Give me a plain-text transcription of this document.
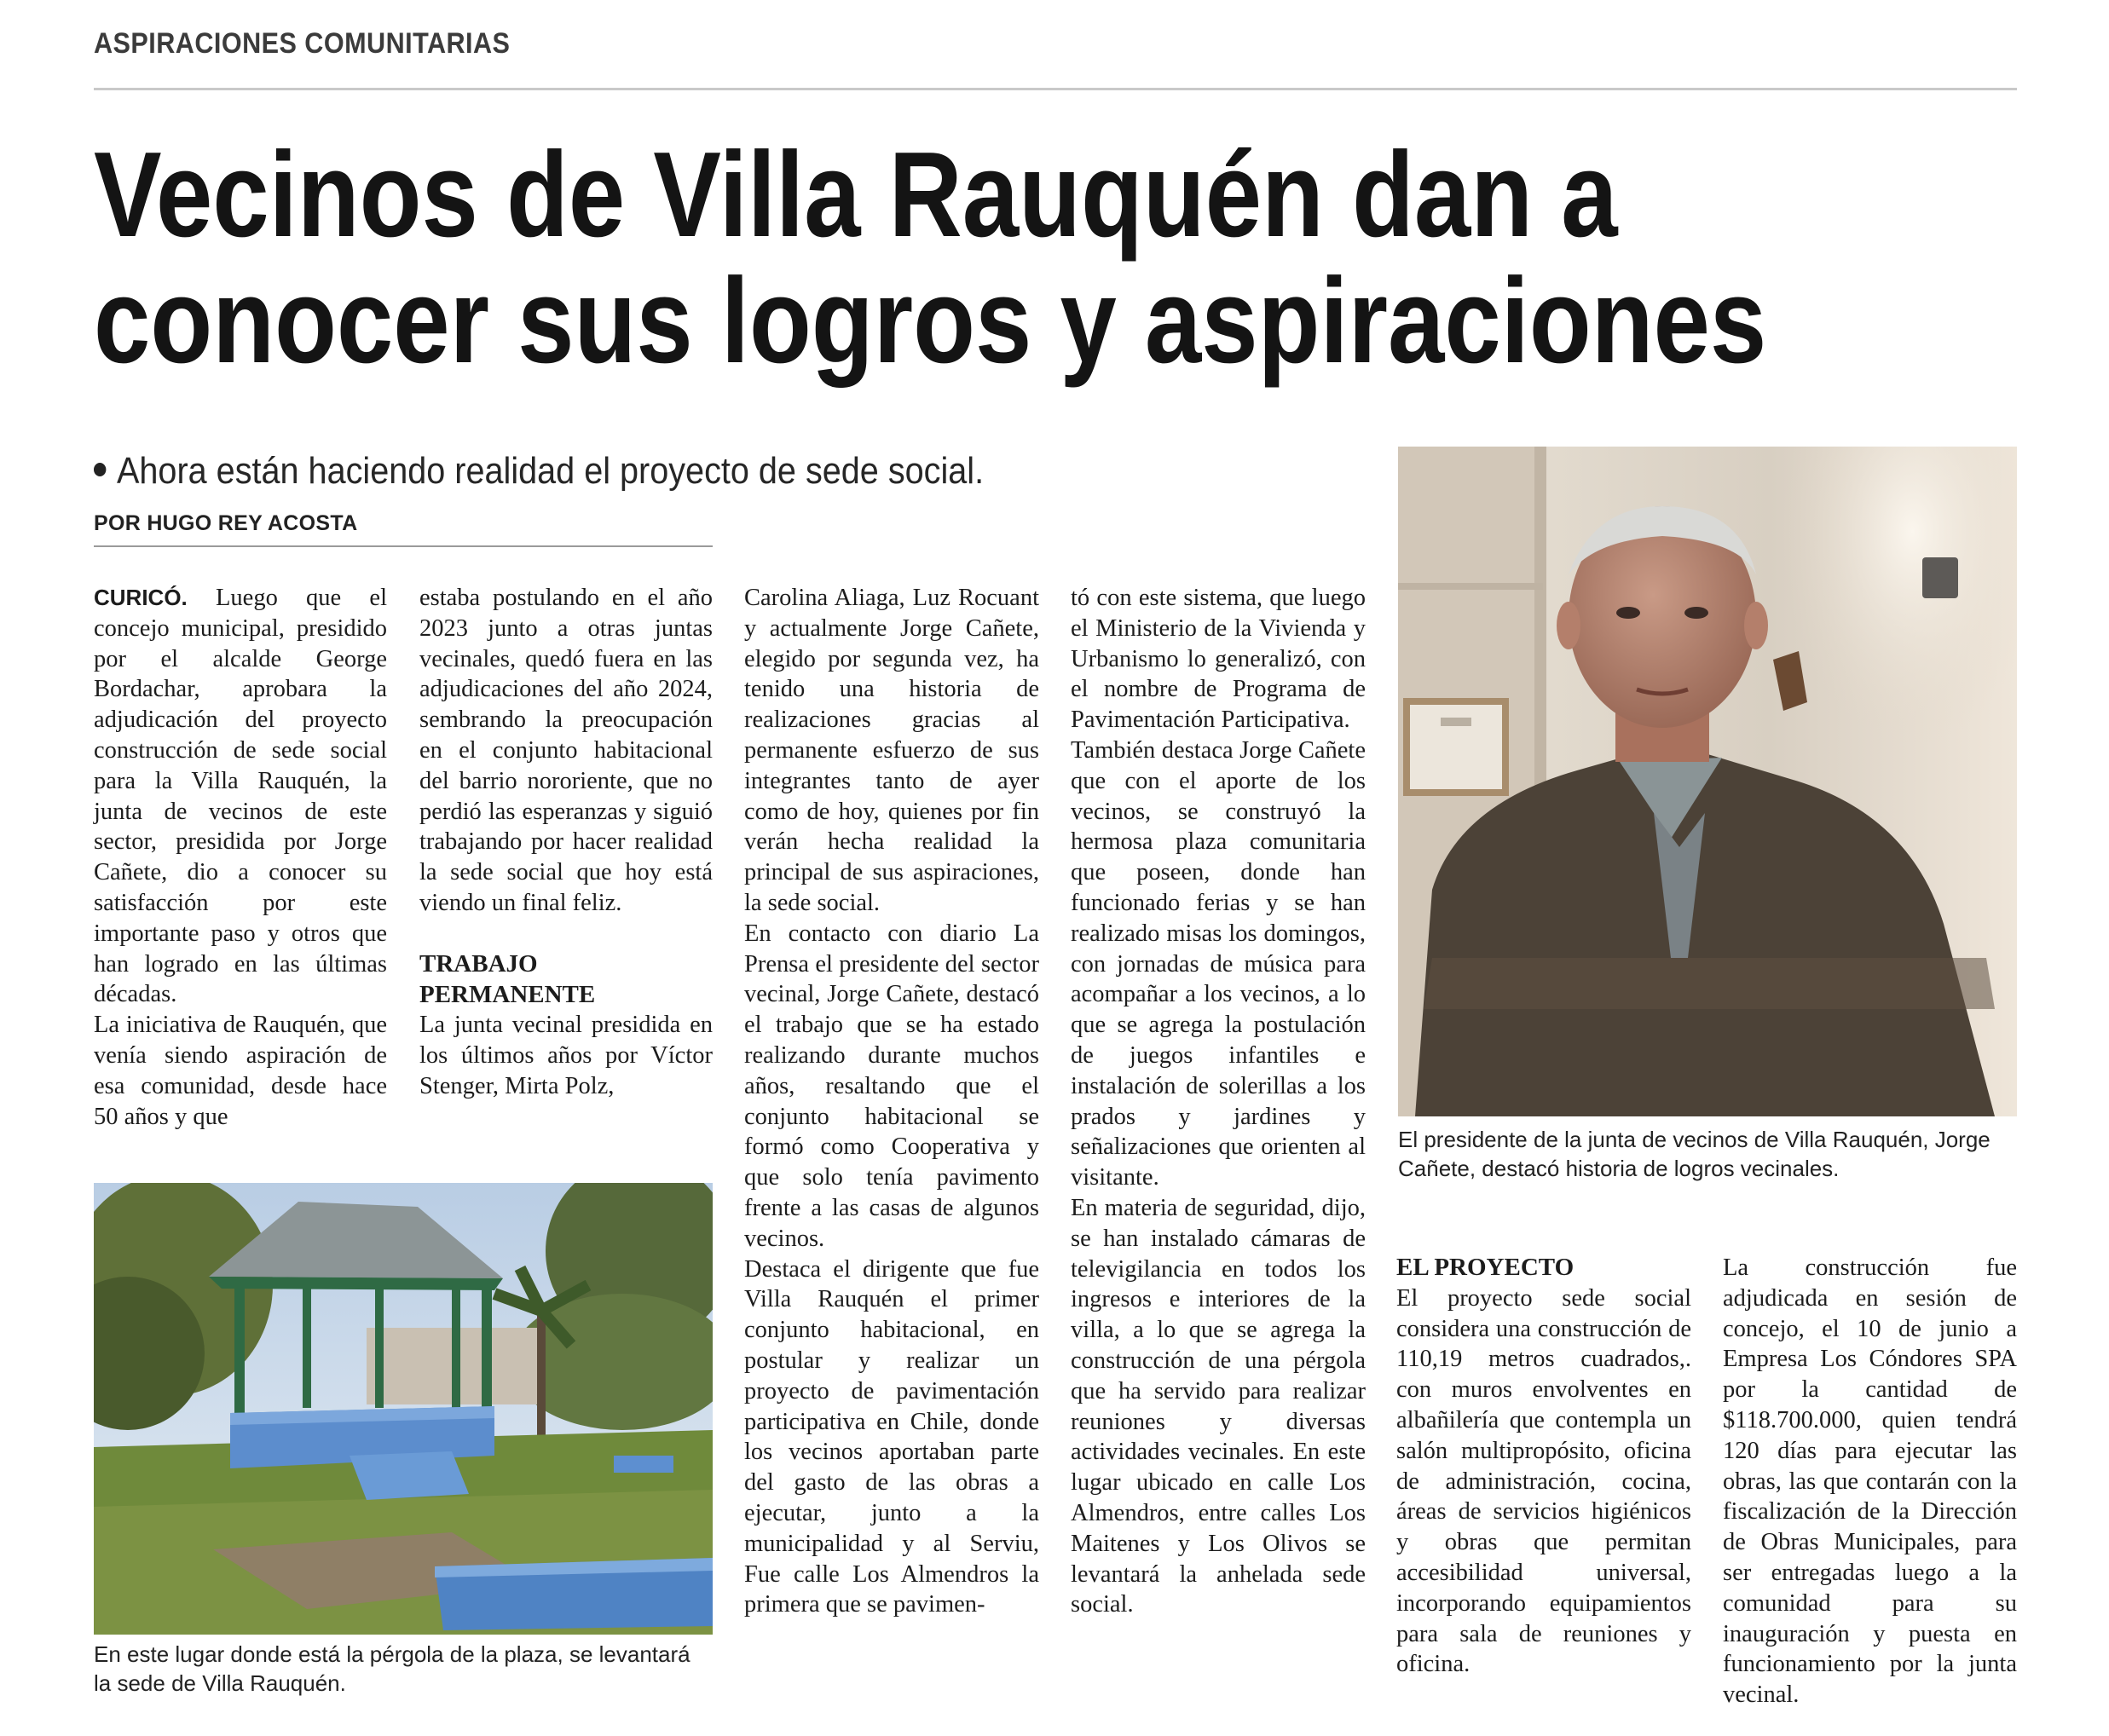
ASPIRACIONES COMUNITARIAS
Vecinos de Villa Rauquén dan a
conocer sus logros y aspiraciones
Ahora están haciendo realidad el proyecto de sede social.
POR HUGO REY ACOSTA

CURICÓ. Luego que el concejo municipal, presidido por el alcalde George Bordachar, aprobara la adjudicación del proyecto construcción de sede social para la Villa Rauquén, la junta de vecinos de este sector, presidida por Jorge Cañete, dio a conocer su satisfacción por este importante paso y otros que han logrado en las últimas décadas.

La iniciativa de Rauquén, que venía siendo aspiración de esa comunidad, desde hace 50 años y que

estaba postulando en el año 2023 junto a otras juntas vecinales, quedó fuera en las adjudicaciones del año 2024, sembrando la preocupación en el conjunto habitacional del barrio nororiente, que no perdió las esperanzas y siguió trabajando por hacer realidad la sede social que hoy está viendo un final feliz.

TRABAJO

PERMANENTE

La junta vecinal presidida en los últimos años por Víctor Stenger, Mirta Polz,

Carolina Aliaga, Luz Rocuant y actualmente Jorge Cañete, elegido por segunda vez, ha tenido una historia de realizaciones gracias al permanente esfuerzo de sus integrantes tanto de ayer como de hoy, quienes por fin verán hecha realidad la principal de sus aspiraciones, la sede social.

En contacto con diario La Prensa el presidente del sector vecinal, Jorge Cañete, destacó el trabajo que se ha estado realizando durante muchos años, resaltando que el conjunto habitacional se formó como Cooperativa y que solo tenía pavimento frente a las casas de algunos vecinos.

Destaca el dirigente que fue Villa Rauquén el primer conjunto habitacional, en postular y realizar un proyecto de pavimentación participativa en Chile, donde los vecinos aportaban parte del gasto de las obras a ejecutar, junto a la municipalidad y al Serviu, Fue calle Los Almendros la primera que se pavimen-

tó con este sistema, que luego el Ministerio de la Vivienda y Urbanismo lo generalizó, con el nombre de Programa de Pavimentación Participativa.

También destaca Jorge Cañete que con el aporte de los vecinos, se construyó la hermosa plaza comunitaria que poseen, donde han funcionado ferias y se han realizado misas los domingos, con jornadas de música para acompañar a los vecinos, a lo que se agrega la postulación de juegos infantiles e instalación de solerillas a los prados y jardines y señalizaciones que orienten al visitante.

En materia de seguridad, dijo, se han instalado cámaras de televigilancia en todos los ingresos e interiores de la villa, a lo que se agrega la construcción de una pérgola que ha servido para realizar reuniones y diversas actividades vecinales. En este lugar ubicado en calle Los Almendros, entre calles Los Maitenes y Los Olivos se levantará la anhelada sede social.

EL PROYECTO

El proyecto sede social considera una construcción de 110,19 metros cuadrados,. con muros envolventes en albañilería que contempla un salón multipropósito, oficina de administración, cocina, áreas de servicios higiénicos y obras que permitan accesibilidad universal, incorporando equipamientos para sala de reuniones y oficina.

La construcción fue adjudicada en sesión de concejo, el 10 de junio a Empresa Los Cóndores SPA por la cantidad de $118.700.000, quien tendrá 120 días para ejecutar las obras, las que contarán con la fiscalización de la Dirección de Obras Municipales, para ser entregadas luego a la comunidad para su inauguración y puesta en funcionamiento por la junta vecinal.

El presidente de la junta de vecinos de Villa Rauquén, Jorge Cañete, destacó historia de logros vecinales.
En este lugar donde está la pérgola de la plaza, se levantará la sede de Villa Rauquén.
